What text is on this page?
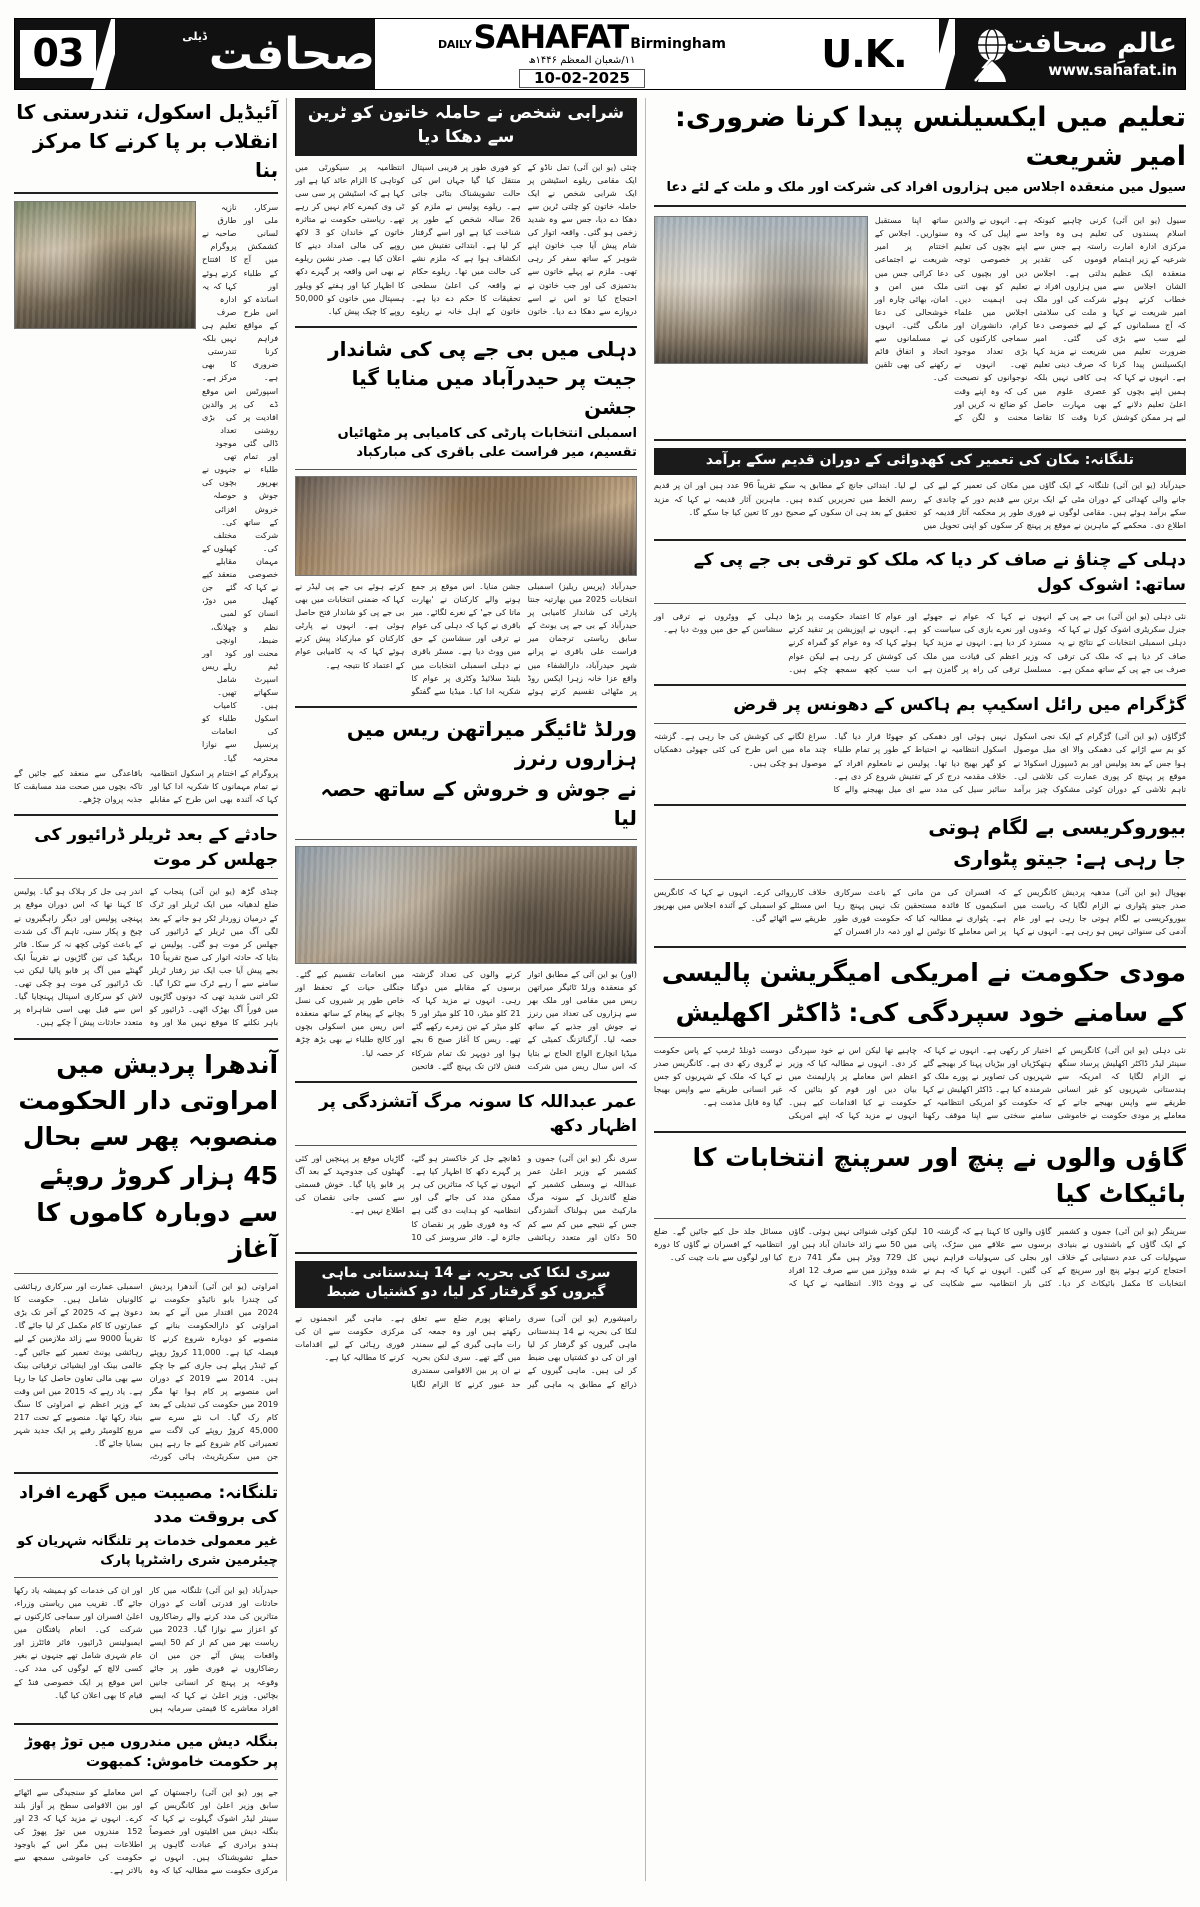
03	صحافت
ڈیلی
DAILY SAHAFAT Birmingham
۱۱/شعبان المعظم ۱۴۴۶ھ
10-02-2025
U.K.	عالمِ صحافت
www.sahafat.in
آئیڈیل اسکول، تندرستی کا انقلاب بر پا کرنے کا مرکز بنا
سرکار، ملی اور لسانی کشمکش میں آج کے طلباء اور اساتذہ کو اس طرح کے مواقع فراہم کرنا ضروری ہے۔ اسپورٹس ڈے کی افادیت پر روشنی ڈالی گئی اور تمام طلباء نے بھرپور جوش و خروش کے ساتھ شرکت کی۔ مہمان خصوصی نے کہا کہ کھیل انسان کو نظم و ضبط، محنت اور ٹیم اسپرٹ سکھاتے ہیں۔ اسکول کی پرنسپل محترمہ نازیہ طارق صاحبہ نے پروگرام کا افتتاح کرتے ہوئے کہا کہ یہ ادارہ صرف تعلیم ہی نہیں بلکہ تندرستی کا بھی مرکز ہے۔ اس موقع پر والدین کی بڑی تعداد موجود تھی جنہوں نے بچوں کی حوصلہ افزائی کی۔ مختلف کھیلوں کے مقابلے منعقد کیے گئے جن میں دوڑ، لمبی چھلانگ، اونچی کود اور ریلے ریس شامل تھیں۔ کامیاب طلباء کو انعامات سے نوازا گیا۔
پروگرام کے اختتام پر اسکول انتظامیہ نے تمام مہمانوں کا شکریہ ادا کیا اور کہا کہ آئندہ بھی اس طرح کے مقابلے باقاعدگی سے منعقد کیے جائیں گے تاکہ بچوں میں صحت مند مسابقت کا جذبہ پروان چڑھے۔
حادثے کے بعد ٹریلر ڈرائیور کی جھلس کر موت
چنڈی گڑھ (یو این آئی) پنجاب کے ضلع لدھیانہ میں ایک ٹریلر اور ٹرک کے درمیان زوردار ٹکر ہو جانے کے بعد لگی آگ میں ٹریلر کے ڈرائیور کی جھلس کر موت ہو گئی۔ پولیس نے بتایا کہ حادثہ اتوار کی صبح تقریباً 10 بجے پیش آیا جب ایک تیز رفتار ٹریلر سامنے سے آ رہے ٹرک سے ٹکرا گیا۔ ٹکر اتنی شدید تھی کہ دونوں گاڑیوں میں فوراً آگ بھڑک اٹھی۔ ڈرائیور کو باہر نکلنے کا موقع نہیں ملا اور وہ اندر ہی جل کر ہلاک ہو گیا۔ پولیس کا کہنا تھا کہ اس دوران موقع پر پہنچی پولیس اور دیگر راہگیروں نے چیخ و پکار سنی، تاہم آگ کی شدت کے باعث کوئی کچھ نہ کر سکا۔ فائر بریگیڈ کی تین گاڑیوں نے تقریباً ایک گھنٹے میں آگ پر قابو پالیا لیکن تب تک ڈرائیور کی موت ہو چکی تھی۔ لاش کو سرکاری اسپتال پہنچایا گیا۔ اس سے قبل بھی اسی شاہراہ پر متعدد حادثات پیش آ چکے ہیں۔
آندھرا پردیش میں امراوتی دار الحکومت منصوبہ پھر سے بحال
45 ہزار کروڑ روپئے سے دوبارہ کاموں کا آغاز
امراوتی (یو این آئی) آندھرا پردیش کی چندرا بابو نائیڈو حکومت نے 2024 میں اقتدار میں آنے کے بعد امراوتی کو دارالحکومت بنانے کے منصوبے کو دوبارہ شروع کرنے کا فیصلہ کیا ہے۔ 11,000 کروڑ روپئے کے ٹینڈر پہلے ہی جاری کیے جا چکے ہیں۔ 2014 سے 2019 کے دوران اس منصوبے پر کام ہوا تھا مگر 2019 میں حکومت کی تبدیلی کے بعد کام رک گیا۔ اب نئے سرے سے 45,000 کروڑ روپئے کی لاگت سے تعمیراتی کام شروع کیے جا رہے ہیں جن میں سکریٹریٹ، ہائی کورٹ، اسمبلی عمارت اور سرکاری رہائشی کالونیاں شامل ہیں۔ حکومت کا دعویٰ ہے کہ 2025 کے آخر تک بڑی عمارتوں کا کام مکمل کر لیا جائے گا۔ تقریباً 9000 سے زائد ملازمین کے لیے رہائشی یونٹ تعمیر کیے جائیں گے۔ عالمی بینک اور ایشیائی ترقیاتی بینک سے بھی مالی تعاون حاصل کیا جا رہا ہے۔ یاد رہے کہ 2015 میں اس وقت کے وزیر اعظم نے امراوتی کا سنگ بنیاد رکھا تھا۔ منصوبے کے تحت 217 مربع کلومیٹر رقبے پر ایک جدید شہر بسایا جائے گا۔
تلنگانہ: مصیبت میں گھرے افراد کی بروقت مدد
غیر معمولی خدمات پر تلنگانہ شہریان کو چیئرمین شری راشٹرپا پارک
حیدرآباد (یو این آئی) تلنگانہ میں کار حادثات اور قدرتی آفات کے دوران متاثرین کی مدد کرنے والے رضاکاروں کو اعزاز سے نوازا گیا۔ 2023 میں ریاست بھر میں کم از کم 50 ایسے واقعات پیش آئے جن میں ان رضاکاروں نے فوری طور پر جائے وقوعہ پر پہنچ کر انسانی جانیں بچائیں۔ وزیر اعلیٰ نے کہا کہ ایسے افراد معاشرے کا قیمتی سرمایہ ہیں اور ان کی خدمات کو ہمیشہ یاد رکھا جائے گا۔ تقریب میں ریاستی وزراء، اعلیٰ افسران اور سماجی کارکنوں نے شرکت کی۔ انعام یافتگان میں ایمبولینس ڈرائیور، فائر فائٹرز اور عام شہری شامل تھے جنہوں نے بغیر کسی لالچ کے لوگوں کی مدد کی۔ اس موقع پر ایک خصوصی فنڈ کے قیام کا بھی اعلان کیا گیا۔
بنگلہ دیش میں مندروں میں توڑ پھوڑ پر حکومت خاموش: کمبھوت
جے پور (یو این آئی) راجستھان کے سابق وزیر اعلیٰ اور کانگریس کے سینئر لیڈر اشوک گہلوت نے کہا کہ بنگلہ دیش میں اقلیتوں اور خصوصاً ہندو برادری کے عبادت گاہوں پر حملے تشویشناک ہیں۔ انہوں نے مرکزی حکومت سے مطالبہ کیا کہ وہ اس معاملے کو سنجیدگی سے اٹھائے اور بین الاقوامی سطح پر آواز بلند کرے۔ انہوں نے مزید کہا کہ 23 اور 152 مندروں میں توڑ پھوڑ کی اطلاعات ہیں مگر اس کے باوجود حکومت کی خاموشی سمجھ سے بالاتر ہے۔
شرابی شخص نے حاملہ خاتون کو ٹرین سے دھکا دیا
چنئی (یو این آئی) تمل ناڈو کے ایک مقامی ریلوے اسٹیشن پر ایک شرابی شخص نے ایک حاملہ خاتون کو چلتی ٹرین سے دھکا دے دیا، جس سے وہ شدید زخمی ہو گئی۔ واقعہ اتوار کی شام پیش آیا جب خاتون اپنے شوہر کے ساتھ سفر کر رہی تھی۔ ملزم نے پہلے خاتون سے بدتمیزی کی اور جب خاتون نے احتجاج کیا تو اس نے اسے دروازے سے دھکا دے دیا۔ خاتون کو فوری طور پر قریبی اسپتال منتقل کیا گیا جہاں اس کی حالت تشویشناک بتائی جاتی ہے۔ ریلوے پولیس نے ملزم کو 26 سالہ شخص کے طور پر شناخت کیا ہے اور اسے گرفتار کر لیا ہے۔ ابتدائی تفتیش میں انکشاف ہوا ہے کہ ملزم نشے کی حالت میں تھا۔ ریلوے حکام نے واقعہ کی اعلیٰ سطحی تحقیقات کا حکم دے دیا ہے۔ خاتون کے اہل خانہ نے ریلوے انتظامیہ پر سیکورٹی میں کوتاہی کا الزام عائد کیا ہے اور کہا ہے کہ اسٹیشن پر سی سی ٹی وی کیمرے کام نہیں کر رہے تھے۔ ریاستی حکومت نے متاثرہ خاتون کے خاندان کو 3 لاکھ روپے کی مالی امداد دینے کا اعلان کیا ہے۔ صدر نشین ریلوے نے بھی اس واقعہ پر گہرے دکھ کا اظہار کیا اور ہفتے کو ویلور ہسپتال میں خاتون کو 50,000 روپے کا چیک پیش کیا۔
دہلی میں بی جے پی کی شاندار جیت پر حیدرآباد میں منایا گیا جشن
اسمبلی انتخابات پارٹی کی کامیابی پر مٹھائیاں تقسیم، میر فراست علی باقری کی مبارکباد
حیدرآباد (پریس ریلیز) اسمبلی انتخابات 2025 میں بھارتیہ جنتا پارٹی کی شاندار کامیابی پر حیدرآباد کے بی جے پی یونٹ کے سابق ریاستی ترجمان میر فراست علی باقری نے پرانے شہر حیدرآباد، دارالشفاء میں واقع عزا خانہ زہرا ایکس روڈ پر مٹھائی تقسیم کرتے ہوئے جشن منایا۔ اس موقع پر جمع ہونے والے کارکنان نے 'بھارت ماتا کی جے' کے نعرے لگائے۔ میر باقری نے کہا کہ دہلی کی عوام نے ترقی اور سشاسن کے حق میں ووٹ دیا ہے۔ مسٹر باقری نے دہلی اسمبلی انتخابات میں بلینڈ سلائیڈ وکٹری پر عوام کا شکریہ ادا کیا۔ میڈیا سے گفتگو کرتے ہوئے بی جے پی لیڈر نے کہا کہ ضمنی انتخابات میں بھی بی جے پی کو شاندار فتح حاصل ہوئی ہے۔ انہوں نے پارٹی کارکنان کو مبارکباد پیش کرتے ہوئے کہا کہ یہ کامیابی عوام کے اعتماد کا نتیجہ ہے۔
ورلڈ ٹائیگر میراتھن ریس میں ہزاروں رنرز
نے جوش و خروش کے ساتھ حصہ لیا
(اور) یو این آئی کے مطابق اتوار کو منعقدہ ورلڈ ٹائیگر میراتھن ریس میں مقامی اور ملک بھر سے ہزاروں کی تعداد میں رنرز نے جوش اور جذبے کے ساتھ حصہ لیا۔ آرگنائزنگ کمیٹی کے میڈیا انچارج الواج الحاج نے بتایا کہ اس سال ریس میں شرکت کرنے والوں کی تعداد گزشتہ برسوں کے مقابلے میں دوگنا رہی۔ انہوں نے مزید کہا کہ 21 کلو میٹر، 10 کلو میٹر اور 5 کلو میٹر کے تین زمرے رکھے گئے تھے۔ ریس کا آغاز صبح 6 بجے ہوا اور دوپہر تک تمام شرکاء فنش لائن تک پہنچ گئے۔ فاتحین میں انعامات تقسیم کیے گئے۔ جنگلی حیات کے تحفظ اور خاص طور پر شیروں کی نسل بچانے کے پیغام کے ساتھ منعقدہ اس ریس میں اسکولی بچوں اور کالج طلباء نے بھی بڑھ چڑھ کر حصہ لیا۔
عمر عبداللہ کا سونہ مرگ آتشزدگی پر اظہار دکھ
سری نگر (یو این آئی) جموں و کشمیر کے وزیر اعلیٰ عمر عبداللہ نے وسطی کشمیر کے ضلع گاندربل کے سونہ مرگ مارکیٹ میں ہولناک آتشزدگی جس کے نتیجے میں کم سے کم 50 دکان اور متعدد رہائشی ڈھانچے جل کر خاکستر ہو گئے، پر گہرے دکھ کا اظہار کیا ہے۔ انہوں نے کہا کہ متاثرین کی ہر ممکن مدد کی جائے گی اور انتظامیہ کو ہدایت دی گئی ہے کہ وہ فوری طور پر نقصان کا جائزہ لے۔ فائر سروسز کی 10 گاڑیاں موقع پر پہنچیں اور کئی گھنٹوں کی جدوجہد کے بعد آگ پر قابو پایا گیا۔ خوش قسمتی سے کسی جانی نقصان کی اطلاع نہیں ہے۔
سری لنکا کی بحریہ نے 14 ہندستانی ماہی گیروں کو گرفتار کر لیا، دو کشتیاں ضبط
رامیشورم (یو این آئی) سری لنکا کی بحریہ نے 14 ہندستانی ماہی گیروں کو گرفتار کر لیا اور ان کی دو کشتیاں بھی ضبط کر لی ہیں۔ ماہی گیروں کے ذرائع کے مطابق یہ ماہی گیر رامناتھ پورم ضلع سے تعلق رکھتے ہیں اور وہ جمعہ کی رات ماہی گیری کے لیے سمندر میں گئے تھے۔ سری لنکن بحریہ نے ان پر بین الاقوامی سمندری حد عبور کرنے کا الزام لگایا ہے۔ ماہی گیر انجمنوں نے مرکزی حکومت سے ان کی فوری رہائی کے لیے اقدامات کرنے کا مطالبہ کیا ہے۔
تعلیم میں ایکسیلنس پیدا کرنا ضروری: امیر شریعت
سیول میں منعقدہ اجلاس میں ہزاروں افراد کی شرکت اور ملک و ملت کے لئے دعا
سیول (یو این آئی) اسلام پسندوں کی مرکزی ادارہ امارت شرعیہ کے زیر اہتمام منعقدہ ایک عظیم الشان اجلاس سے خطاب کرتے ہوئے امیر شریعت نے کہا کہ آج مسلمانوں کے لیے سب سے بڑی ضرورت تعلیم میں ایکسیلنس پیدا کرنا ہے۔ انہوں نے کہا کہ ہمیں اپنے بچوں کو اعلیٰ تعلیم دلانے کے لیے ہر ممکن کوشش کرنی چاہیے کیونکہ تعلیم ہی وہ واحد راستہ ہے جس سے قوموں کی تقدیر بدلتی ہے۔ اجلاس میں ہزاروں افراد نے شرکت کی اور ملک و ملت کی سلامتی کے لیے خصوصی دعا کی گئی۔ امیر شریعت نے مزید کہا کہ صرف دینی تعلیم ہی کافی نہیں بلکہ عصری علوم میں بھی مہارت حاصل کرنا وقت کا تقاضا ہے۔ انہوں نے والدین سے اپیل کی کہ وہ اپنے بچوں کی تعلیم پر خصوصی توجہ دیں اور بچیوں کی تعلیم کو بھی اتنی ہی اہمیت دیں۔ اجلاس میں علماء کرام، دانشوران اور سماجی کارکنوں کی بڑی تعداد موجود تھی۔ انہوں نے نوجوانوں کو نصیحت کی کہ وہ اپنے وقت کو ضائع نہ کریں اور محنت و لگن کے ساتھ اپنا مستقبل سنواریں۔ اجلاس کے اختتام پر امیر شریعت نے اجتماعی دعا کرائی جس میں ملک میں امن و امان، بھائی چارہ اور خوشحالی کی دعا مانگی گئی۔ انہوں نے مسلمانوں سے اتحاد و اتفاق قائم رکھنے کی بھی تلقین کی۔
تلنگانہ: مکان کی تعمیر کی کھدوائی کے دوران قدیم سکے برآمد
حیدرآباد (یو این آئی) تلنگانہ کے ایک گاؤں میں مکان کی تعمیر کے لیے کی جانے والی کھدائی کے دوران مٹی کے ایک برتن سے قدیم دور کے چاندی کے سکے برآمد ہوئے ہیں۔ مقامی لوگوں نے فوری طور پر محکمہ آثار قدیمہ کو اطلاع دی۔ محکمے کے ماہرین نے موقع پر پہنچ کر سکوں کو اپنی تحویل میں لے لیا۔ ابتدائی جانچ کے مطابق یہ سکے تقریباً 96 عدد ہیں اور ان پر قدیم رسم الخط میں تحریریں کندہ ہیں۔ ماہرین آثار قدیمہ نے کہا کہ مزید تحقیق کے بعد ہی ان سکوں کے صحیح دور کا تعین کیا جا سکے گا۔
دہلی کے چناؤ نے صاف کر دیا کہ ملک کو ترقی بی جے پی کے ساتھ: اشوک کول
نئی دہلی (یو این آئی) بی جے پی کے جنرل سکریٹری اشوک کول نے کہا کہ دہلی اسمبلی انتخابات کے نتائج نے یہ صاف کر دیا ہے کہ ملک کی ترقی صرف بی جے پی کے ساتھ ممکن ہے۔ انہوں نے کہا کہ عوام نے جھوٹے وعدوں اور نعرے بازی کی سیاست کو مسترد کر دیا ہے۔ انہوں نے مزید کہا کہ وزیر اعظم کی قیادت میں ملک مسلسل ترقی کی راہ پر گامزن ہے اور عوام کا اعتماد حکومت پر بڑھا ہے۔ انہوں نے اپوزیشن پر تنقید کرتے ہوئے کہا کہ وہ عوام کو گمراہ کرنے کی کوشش کر رہی ہے لیکن عوام اب سب کچھ سمجھ چکے ہیں۔ دہلی کے ووٹروں نے ترقی اور سشاسن کے حق میں ووٹ دیا ہے۔
گڑگرام میں رائل اسکیپ بم ہاکس کے دھونس پر قرض
گڑگاؤں (یو این آئی) گڑگرام کے ایک نجی اسکول کو بم سے اڑانے کی دھمکی والا ای میل موصول ہوا جس کے بعد پولیس اور بم ڈسپوزل اسکواڈ نے موقع پر پہنچ کر پوری عمارت کی تلاشی لی۔ تاہم تلاشی کے دوران کوئی مشکوک چیز برآمد نہیں ہوئی اور دھمکی کو جھوٹا قرار دیا گیا۔ اسکول انتظامیہ نے احتیاط کے طور پر تمام طلباء کو گھر بھیج دیا تھا۔ پولیس نے نامعلوم افراد کے خلاف مقدمہ درج کر کے تفتیش شروع کر دی ہے۔ سائبر سیل کی مدد سے ای میل بھیجنے والے کا سراغ لگانے کی کوشش کی جا رہی ہے۔ گزشتہ چند ماہ میں اس طرح کی کئی جھوٹی دھمکیاں موصول ہو چکی ہیں۔
بیوروکریسی بے لگام ہوتی
جا رہی ہے: جیتو پٹواری
بھوپال (یو این آئی) مدھیہ پردیش کانگریس کے صدر جیتو پٹواری نے الزام لگایا کہ ریاست میں بیوروکریسی بے لگام ہوتی جا رہی ہے اور عام آدمی کی سنوائی نہیں ہو رہی ہے۔ انہوں نے کہا کہ افسران کی من مانی کے باعث سرکاری اسکیموں کا فائدہ مستحقین تک نہیں پہنچ رہا ہے۔ پٹواری نے مطالبہ کیا کہ حکومت فوری طور پر اس معاملے کا نوٹس لے اور ذمہ دار افسران کے خلاف کارروائی کرے۔ انہوں نے کہا کہ کانگریس اس مسئلے کو اسمبلی کے آئندہ اجلاس میں بھرپور طریقے سے اٹھائے گی۔
مودی حکومت نے امریکی امیگریشن پالیسی
کے سامنے خود سپردگی کی: ڈاکٹر اکھلیش
نئی دہلی (یو این آئی) کانگریس کے سینئر لیڈر ڈاکٹر اکھلیش پرساد سنگھ نے الزام لگایا کہ امریکہ سے ہندستانی شہریوں کو غیر انسانی طریقے سے واپس بھیجے جانے کے معاملے پر مودی حکومت نے خاموشی اختیار کر رکھی ہے۔ انہوں نے کہا کہ ہتھکڑیاں اور بیڑیاں پہنا کر بھیجے گئے شہریوں کی تصاویر نے پورے ملک کو شرمندہ کیا ہے۔ ڈاکٹر اکھلیش نے کہا کہ حکومت کو امریکی انتظامیہ کے سامنے سختی سے اپنا موقف رکھنا چاہیے تھا لیکن اس نے خود سپردگی کر دی۔ انہوں نے مطالبہ کیا کہ وزیر اعظم اس معاملے پر پارلیمنٹ میں بیان دیں اور قوم کو بتائیں کہ حکومت نے کیا اقدامات کیے ہیں۔ انہوں نے مزید کہا کہ اپنے امریکی دوست ڈونلڈ ٹرمپ کے پاس حکومت نے گروی رکھ دی ہے۔ کانگریس صدر نے کہا کہ ملک کے شہریوں کو جس غیر انسانی طریقے سے واپس بھیجا گیا وہ قابل مذمت ہے۔
گاؤں والوں نے پنچ اور سرپنچ انتخابات کا بائیکاٹ کیا
سرینگر (یو این آئی) جموں و کشمیر کے ایک گاؤں کے باشندوں نے بنیادی سہولیات کی عدم دستیابی کے خلاف احتجاج کرتے ہوئے پنچ اور سرپنچ کے انتخابات کا مکمل بائیکاٹ کر دیا۔ گاؤں والوں کا کہنا ہے کہ گزشتہ 10 برسوں سے علاقے میں سڑک، پانی اور بجلی کی سہولیات فراہم نہیں کی گئیں۔ انہوں نے کہا کہ ہم نے کئی بار انتظامیہ سے شکایت کی لیکن کوئی شنوائی نہیں ہوئی۔ گاؤں میں 50 سے زائد خاندان آباد ہیں اور کل 729 ووٹر ہیں مگر 741 درج شدہ ووٹرز میں سے صرف 12 افراد نے ووٹ ڈالا۔ انتظامیہ نے کہا کہ مسائل جلد حل کیے جائیں گے۔ ضلع انتظامیہ کے افسران نے گاؤں کا دورہ کیا اور لوگوں سے بات چیت کی۔
